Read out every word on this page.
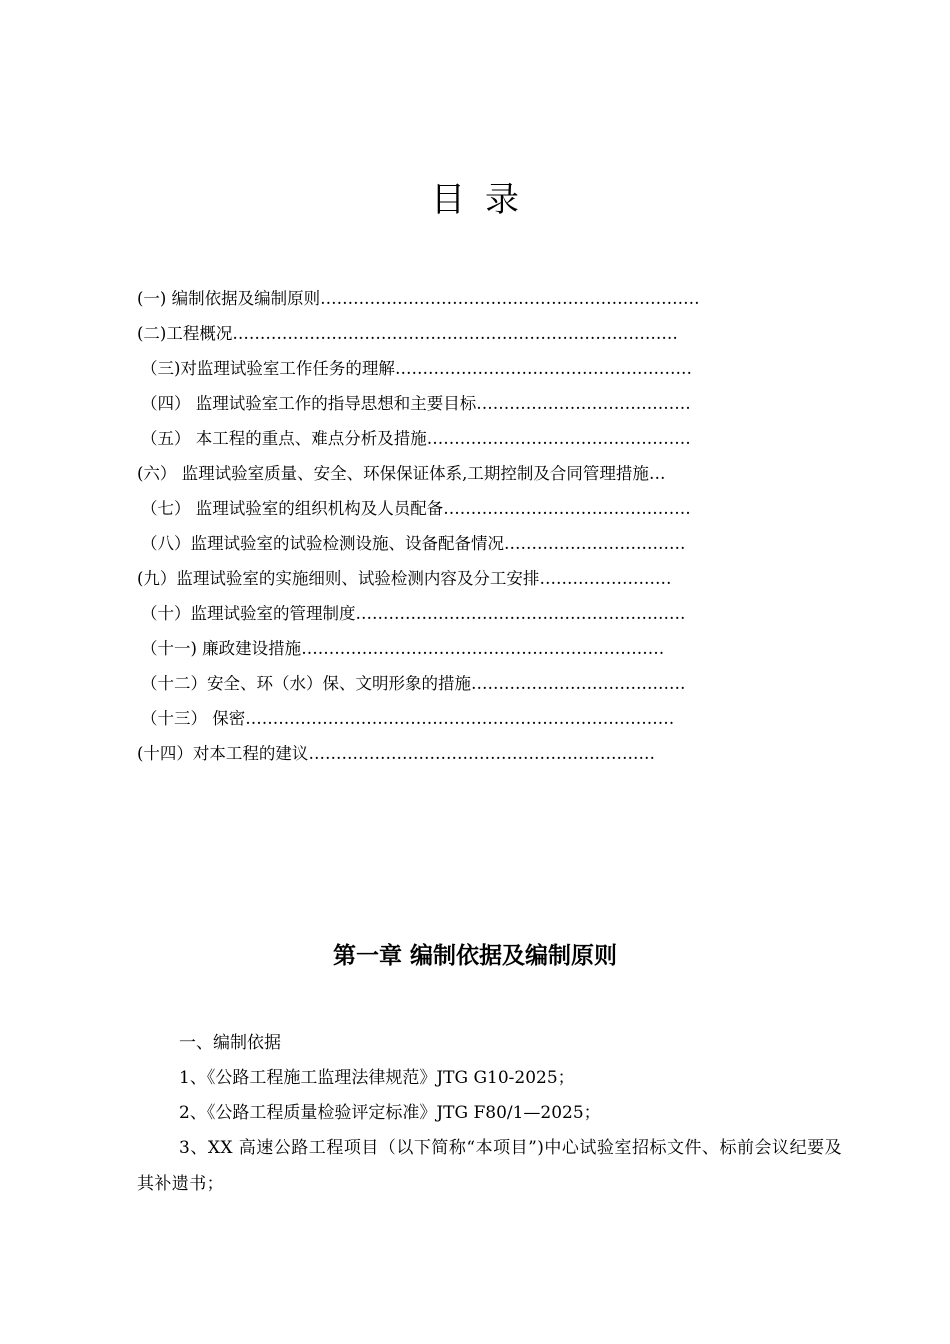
目录
(一) 编制依据及编制原则……………………………………………………………
(二)工程概况………………………………………………………………………
（三)对监理试验室工作任务的理解………………………………………………
（四） 监理试验室工作的指导思想和主要目标…………………………………
（五） 本工程的重点、难点分析及措施…………………………………………
(六） 监理试验室质量、安全、环保保证体系,工期控制及合同管理措施…
（七） 监理试验室的组织机构及人员配备………………………………………
（八）监理试验室的试验检测设施、设备配备情况……………………………
(九）监理试验室的实施细则、试验检测内容及分工安排……………………
（十）监理试验室的管理制度……………………………………………………
（十一) 廉政建设措施…………………………………………………………
（十二）安全、环（水）保、文明形象的措施…………………………………
（十三） 保密……………………………………………………………………
(十四）对本工程的建议………………………………………………………
第一章 编制依据及编制原则

一、编制依据

1、《公路工程施工监理法律规范》JTG G10-2025；

2、《公路工程质量检验评定标准》JTG F80/1—2025；

3、XX 高速公路工程项目（以下简称“本项目”)中心试验室招标文件、标前会议纪要及其补遗书；
